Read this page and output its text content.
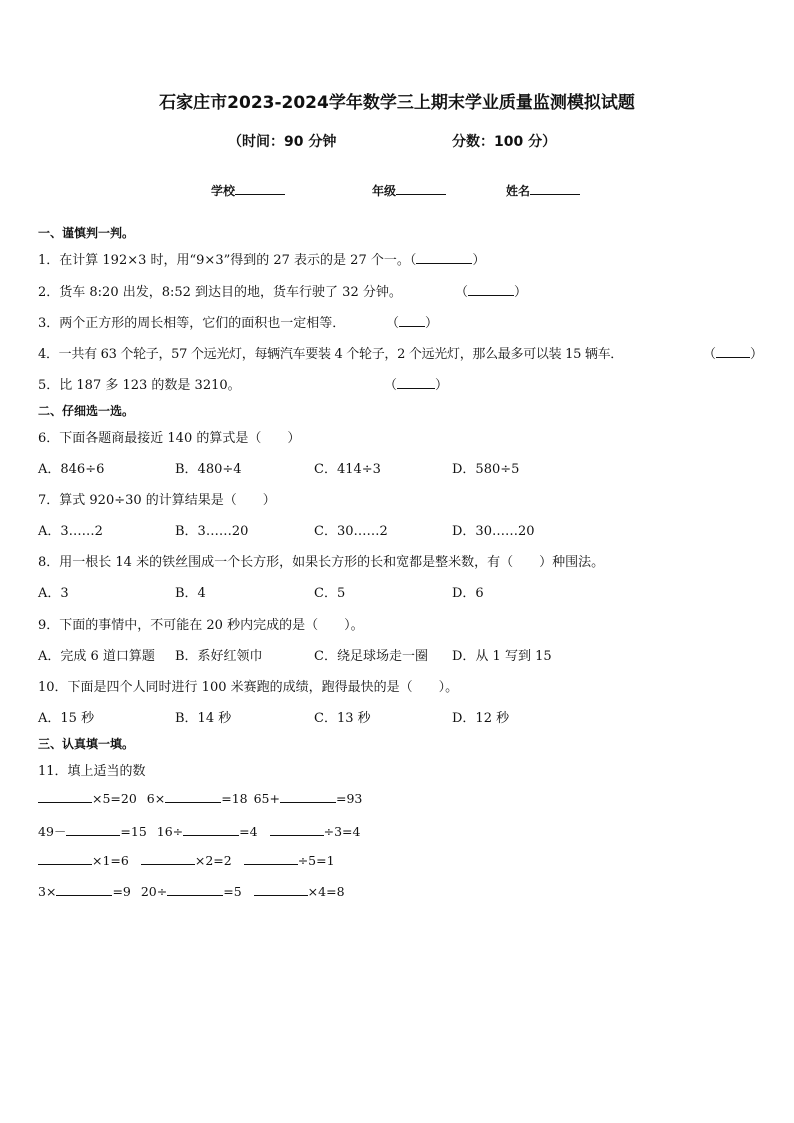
石家庄市2023-2024学年数学三上期末学业质量监测模拟试题
（时间：90 分钟	分数：100 分）
学校	年级	姓名
一、谨慎判一判。
1．在计算 192×3 时，用“9×3”得到的 27 表示的是 27 个一。（	）
2．货车 8:20 出发，8:52 到达目的地，货车行驶了 32 分钟。	（	）
3．两个正方形的周长相等，它们的面积也一定相等．	（ ）
4．一共有 63 个轮子，57 个远光灯，每辆汽车要装 4 个轮子，2 个远光灯，那么最多可以装 15 辆车．	（	）
5．比 187 多 123 的数是 3210。	（	）
二、仔细选一选。
6．下面各题商最接近 140 的算式是（　　）
A．846÷6	B．480÷4	C．414÷3	D．580÷5
7．算式 920÷30 的计算结果是（　　）
A．3……2	B．3……20	C．30……2	D．30……20
8．用一根长 14 米的铁丝围成一个长方形，如果长方形的长和宽都是整米数，有（　　）种围法。
A．3	B．4	C．5	D．6
9．下面的事情中，不可能在 20 秒内完成的是（　　）。
A．完成 6 道口算题 B．系好红领巾	C．绕足球场走一圈 D．从 1 写到 15
10．下面是四个人同时进行 100 米赛跑的成绩，跑得最快的是（　　）。
A．15 秒	B．14 秒	C．13 秒	D．12 秒
三、认真填一填。
11．填上适当的数
×5=20 6×	=18 65+	=93
49－	=15 16÷	=4	÷3=4
×1=6	×2=2	÷5=1
3×	=9 20÷	=5	×4=8
